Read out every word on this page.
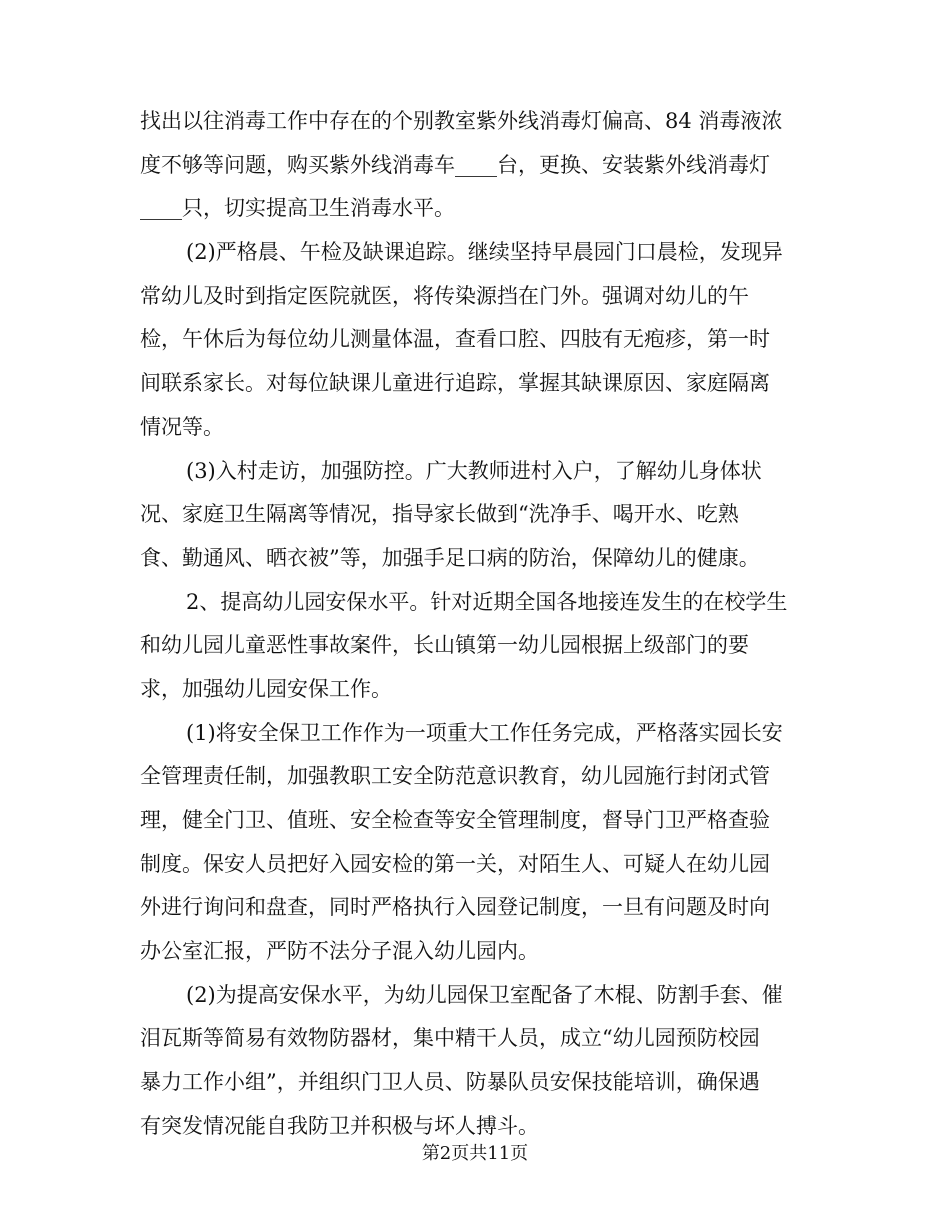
找出以往消毒工作中存在的个别教室紫外线消毒灯偏高、84 消毒液浓
度不够等问题，购买紫外线消毒车____台，更换、安装紫外线消毒灯
____只，切实提高卫生消毒水平。
(2)严格晨、午检及缺课追踪。继续坚持早晨园门口晨检，发现异
常幼儿及时到指定医院就医，将传染源挡在门外。强调对幼儿的午
检，午休后为每位幼儿测量体温，查看口腔、四肢有无疱疹，第一时
间联系家长。对每位缺课儿童进行追踪，掌握其缺课原因、家庭隔离
情况等。
(3)入村走访，加强防控。广大教师进村入户，了解幼儿身体状
况、家庭卫生隔离等情况，指导家长做到“洗净手、喝开水、吃熟
食、勤通风、晒衣被”等，加强手足口病的防治，保障幼儿的健康。
2、提高幼儿园安保水平。针对近期全国各地接连发生的在校学生
和幼儿园儿童恶性事故案件，长山镇第一幼儿园根据上级部门的要
求，加强幼儿园安保工作。
(1)将安全保卫工作作为一项重大工作任务完成，严格落实园长安
全管理责任制，加强教职工安全防范意识教育，幼儿园施行封闭式管
理，健全门卫、值班、安全检查等安全管理制度，督导门卫严格查验
制度。保安人员把好入园安检的第一关，对陌生人、可疑人在幼儿园
外进行询问和盘查，同时严格执行入园登记制度，一旦有问题及时向
办公室汇报，严防不法分子混入幼儿园内。
(2)为提高安保水平，为幼儿园保卫室配备了木棍、防割手套、催
泪瓦斯等简易有效物防器材，集中精干人员，成立“幼儿园预防校园
暴力工作小组”，并组织门卫人员、防暴队员安保技能培训，确保遇
有突发情况能自我防卫并积极与坏人搏斗。
第2页共11页
